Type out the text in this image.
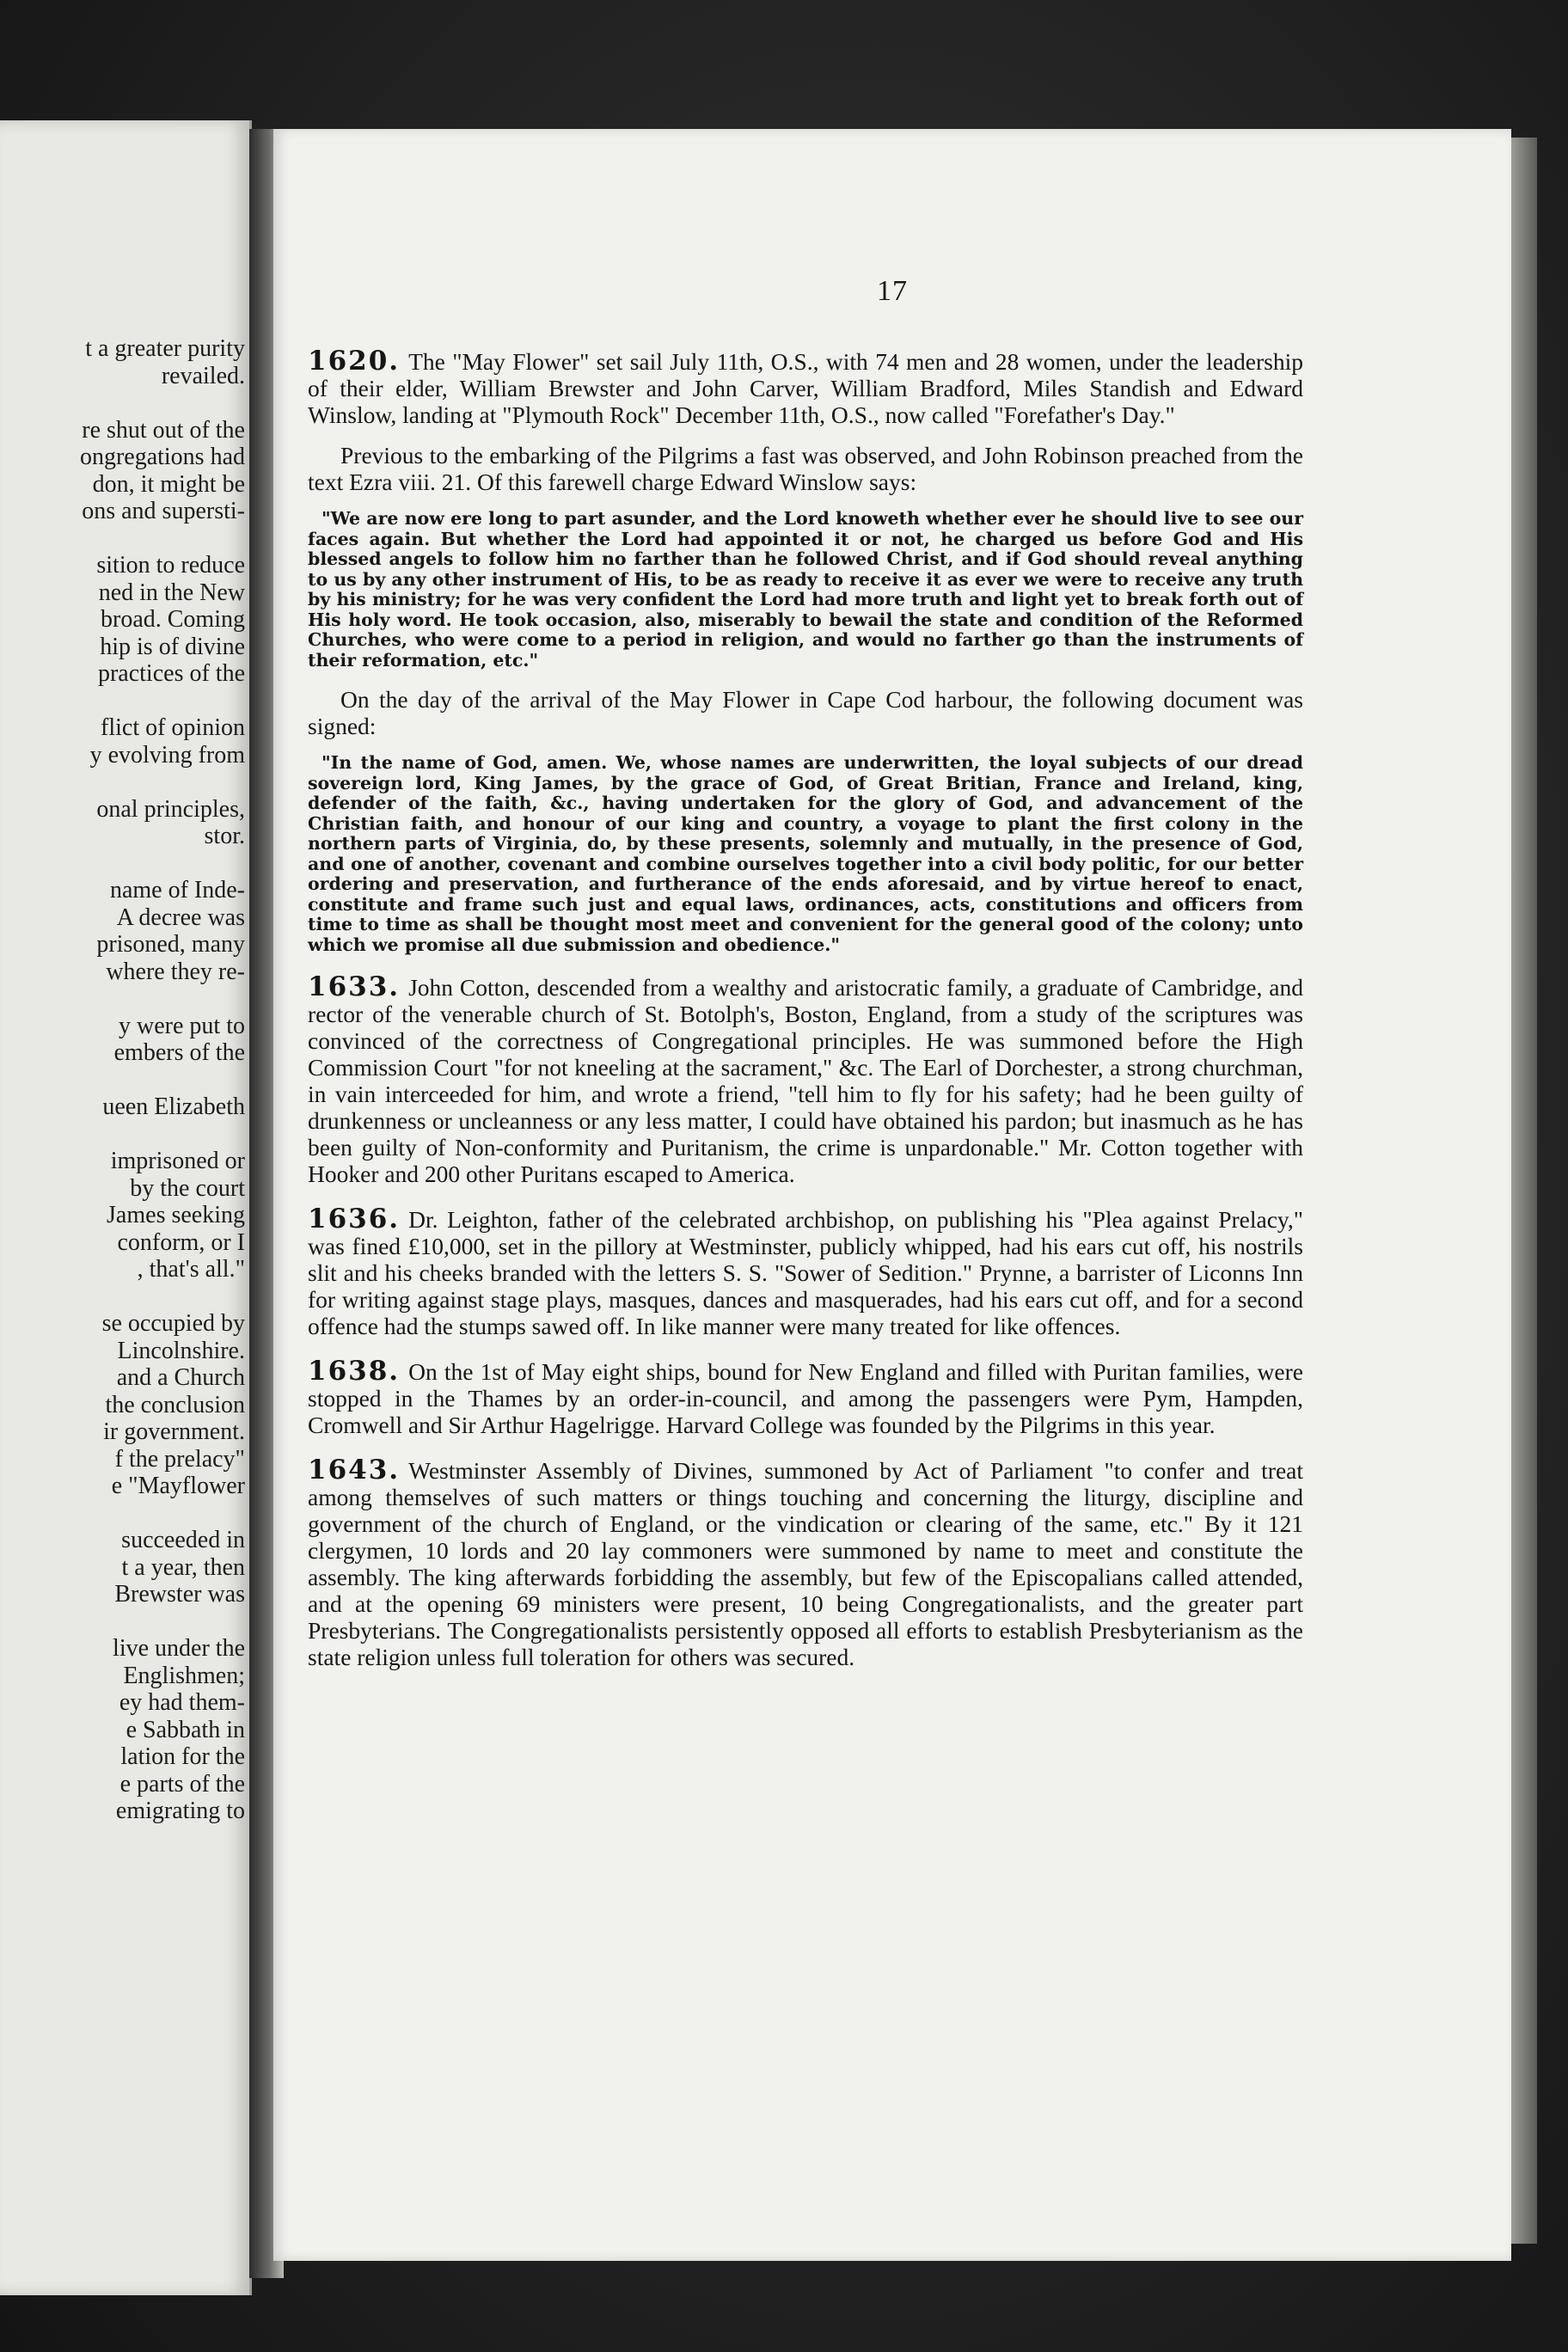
t a greater purity
revailed.
re shut out of the
ongregations had
don, it might be
ons and supersti-
sition to reduce
ned in the New
broad. Coming
hip is of divine
practices of the
flict of opinion
y evolving from
onal principles,
stor.
name of Inde-
A decree was
prisoned, many
where they re-
y were put to
embers of the
ueen Elizabeth
imprisoned or
by the court
James seeking
conform, or I
, that's all."
se occupied by
Lincolnshire.
and a Church
the conclusion
ir government.
f the prelacy"
e "Mayflower
succeeded in
t a year, then
Brewster was
live under the
Englishmen;
ey had them-
e Sabbath in
lation for the
e parts of the
emigrating to
17

1620. The "May Flower" set sail July 11th, O.S., with 74 men and 28 women, under the leadership of their elder, William Brewster and John Carver, William Bradford, Miles Standish and Edward Winslow, landing at "Plymouth Rock" December 11th, O.S., now called "Forefather's Day."

Previous to the embarking of the Pilgrims a fast was observed, and John Robinson preached from the text Ezra viii. 21. Of this farewell charge Edward Winslow says:

"We are now ere long to part asunder, and the Lord knoweth whether ever he should live to see our faces again. But whether the Lord had appointed it or not, he charged us before God and His blessed angels to follow him no farther than he followed Christ, and if God should reveal anything to us by any other instrument of His, to be as ready to receive it as ever we were to receive any truth by his ministry; for he was very confident the Lord had more truth and light yet to break forth out of His holy word. He took occasion, also, miserably to bewail the state and condition of the Reformed Churches, who were come to a period in religion, and would no farther go than the instruments of their reformation, etc."

On the day of the arrival of the May Flower in Cape Cod harbour, the following document was signed:

"In the name of God, amen. We, whose names are underwritten, the loyal subjects of our dread sovereign lord, King James, by the grace of God, of Great Britian, France and Ireland, king, defender of the faith, &c., having undertaken for the glory of God, and advancement of the Christian faith, and honour of our king and country, a voyage to plant the first colony in the northern parts of Virginia, do, by these presents, solemnly and mutually, in the presence of God, and one of another, covenant and combine ourselves together into a civil body politic, for our better ordering and preservation, and furtherance of the ends aforesaid, and by virtue hereof to enact, constitute and frame such just and equal laws, ordinances, acts, constitutions and officers from time to time as shall be thought most meet and convenient for the general good of the colony; unto which we promise all due submission and obedience."

1633. John Cotton, descended from a wealthy and aristocratic family, a graduate of Cambridge, and rector of the venerable church of St. Botolph's, Boston, England, from a study of the scriptures was convinced of the correctness of Congregational principles. He was summoned before the High Commission Court "for not kneeling at the sacrament," &c. The Earl of Dorchester, a strong churchman, in vain interceeded for him, and wrote a friend, "tell him to fly for his safety; had he been guilty of drunkenness or uncleanness or any less matter, I could have obtained his pardon; but inasmuch as he has been guilty of Non-conformity and Puritanism, the crime is unpardonable." Mr. Cotton together with Hooker and 200 other Puritans escaped to America.

1636. Dr. Leighton, father of the celebrated archbishop, on publishing his "Plea against Prelacy," was fined £10,000, set in the pillory at Westminster, publicly whipped, had his ears cut off, his nostrils slit and his cheeks branded with the letters S. S. "Sower of Sedition." Prynne, a barrister of Liconns Inn for writing against stage plays, masques, dances and masquerades, had his ears cut off, and for a second offence had the stumps sawed off. In like manner were many treated for like offences.

1638. On the 1st of May eight ships, bound for New England and filled with Puritan families, were stopped in the Thames by an order-in-council, and among the passengers were Pym, Hampden, Cromwell and Sir Arthur Hagelrigge. Harvard College was founded by the Pilgrims in this year.

1643. Westminster Assembly of Divines, summoned by Act of Parliament "to confer and treat among themselves of such matters or things touching and concerning the liturgy, discipline and government of the church of England, or the vindication or clearing of the same, etc." By it 121 clergymen, 10 lords and 20 lay commoners were summoned by name to meet and constitute the assembly. The king afterwards forbidding the assembly, but few of the Episcopalians called attended, and at the opening 69 ministers were present, 10 being Congregationalists, and the greater part Presbyterians. The Congregationalists persistently opposed all efforts to establish Presbyterianism as the state religion unless full toleration for others was secured.
